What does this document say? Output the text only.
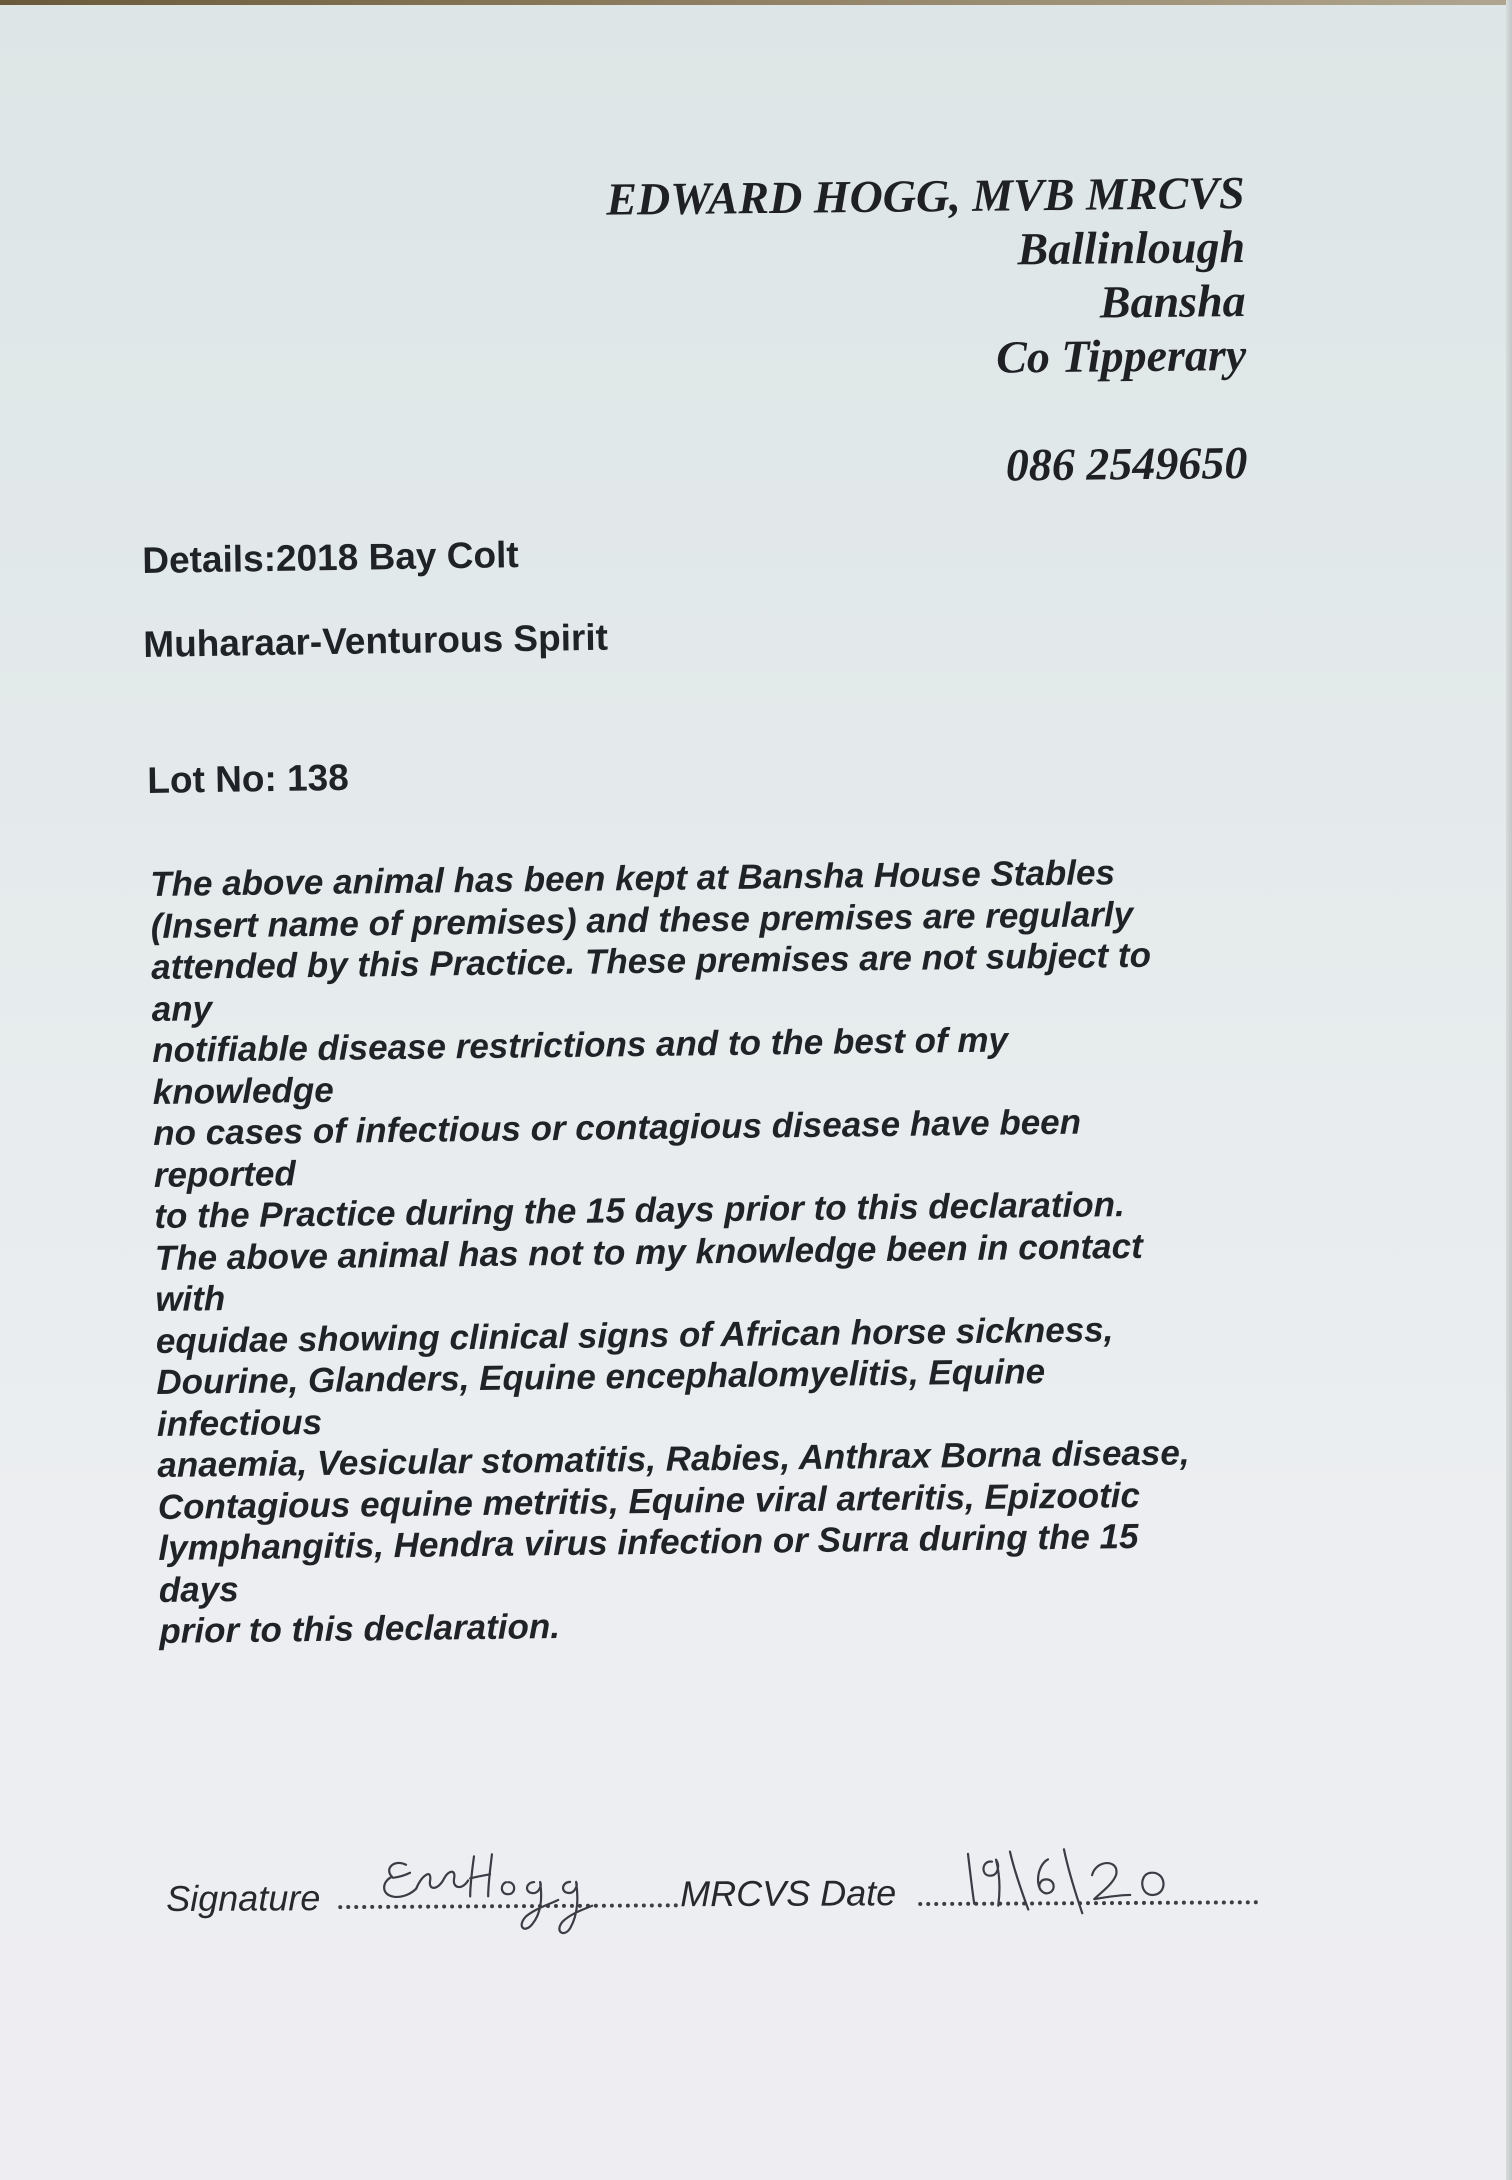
EDWARD HOGG, MVB MRCVS
Ballinlough
Bansha
Co Tipperary
086 2549650
Details:2018 Bay Colt
Muharaar-Venturous Spirit
Lot No: 138
The above animal has been kept at Bansha House Stables
(Insert name of premises) and these premises are regularly
attended by this Practice. These premises are not subject to
any
notifiable disease restrictions and to the best of my
knowledge
no cases of infectious or contagious disease have been
reported
to the Practice during the 15 days prior to this declaration.
The above animal has not to my knowledge been in contact
with
equidae showing clinical signs of African horse sickness,
Dourine, Glanders, Equine encephalomyelitis, Equine
infectious
anaemia, Vesicular stomatitis, Rabies, Anthrax Borna disease,
Contagious equine metritis, Equine viral arteritis, Epizootic
lymphangitis, Hendra virus infection or Surra during the 15
days
prior to this declaration.
Signature	MRCVS Date
